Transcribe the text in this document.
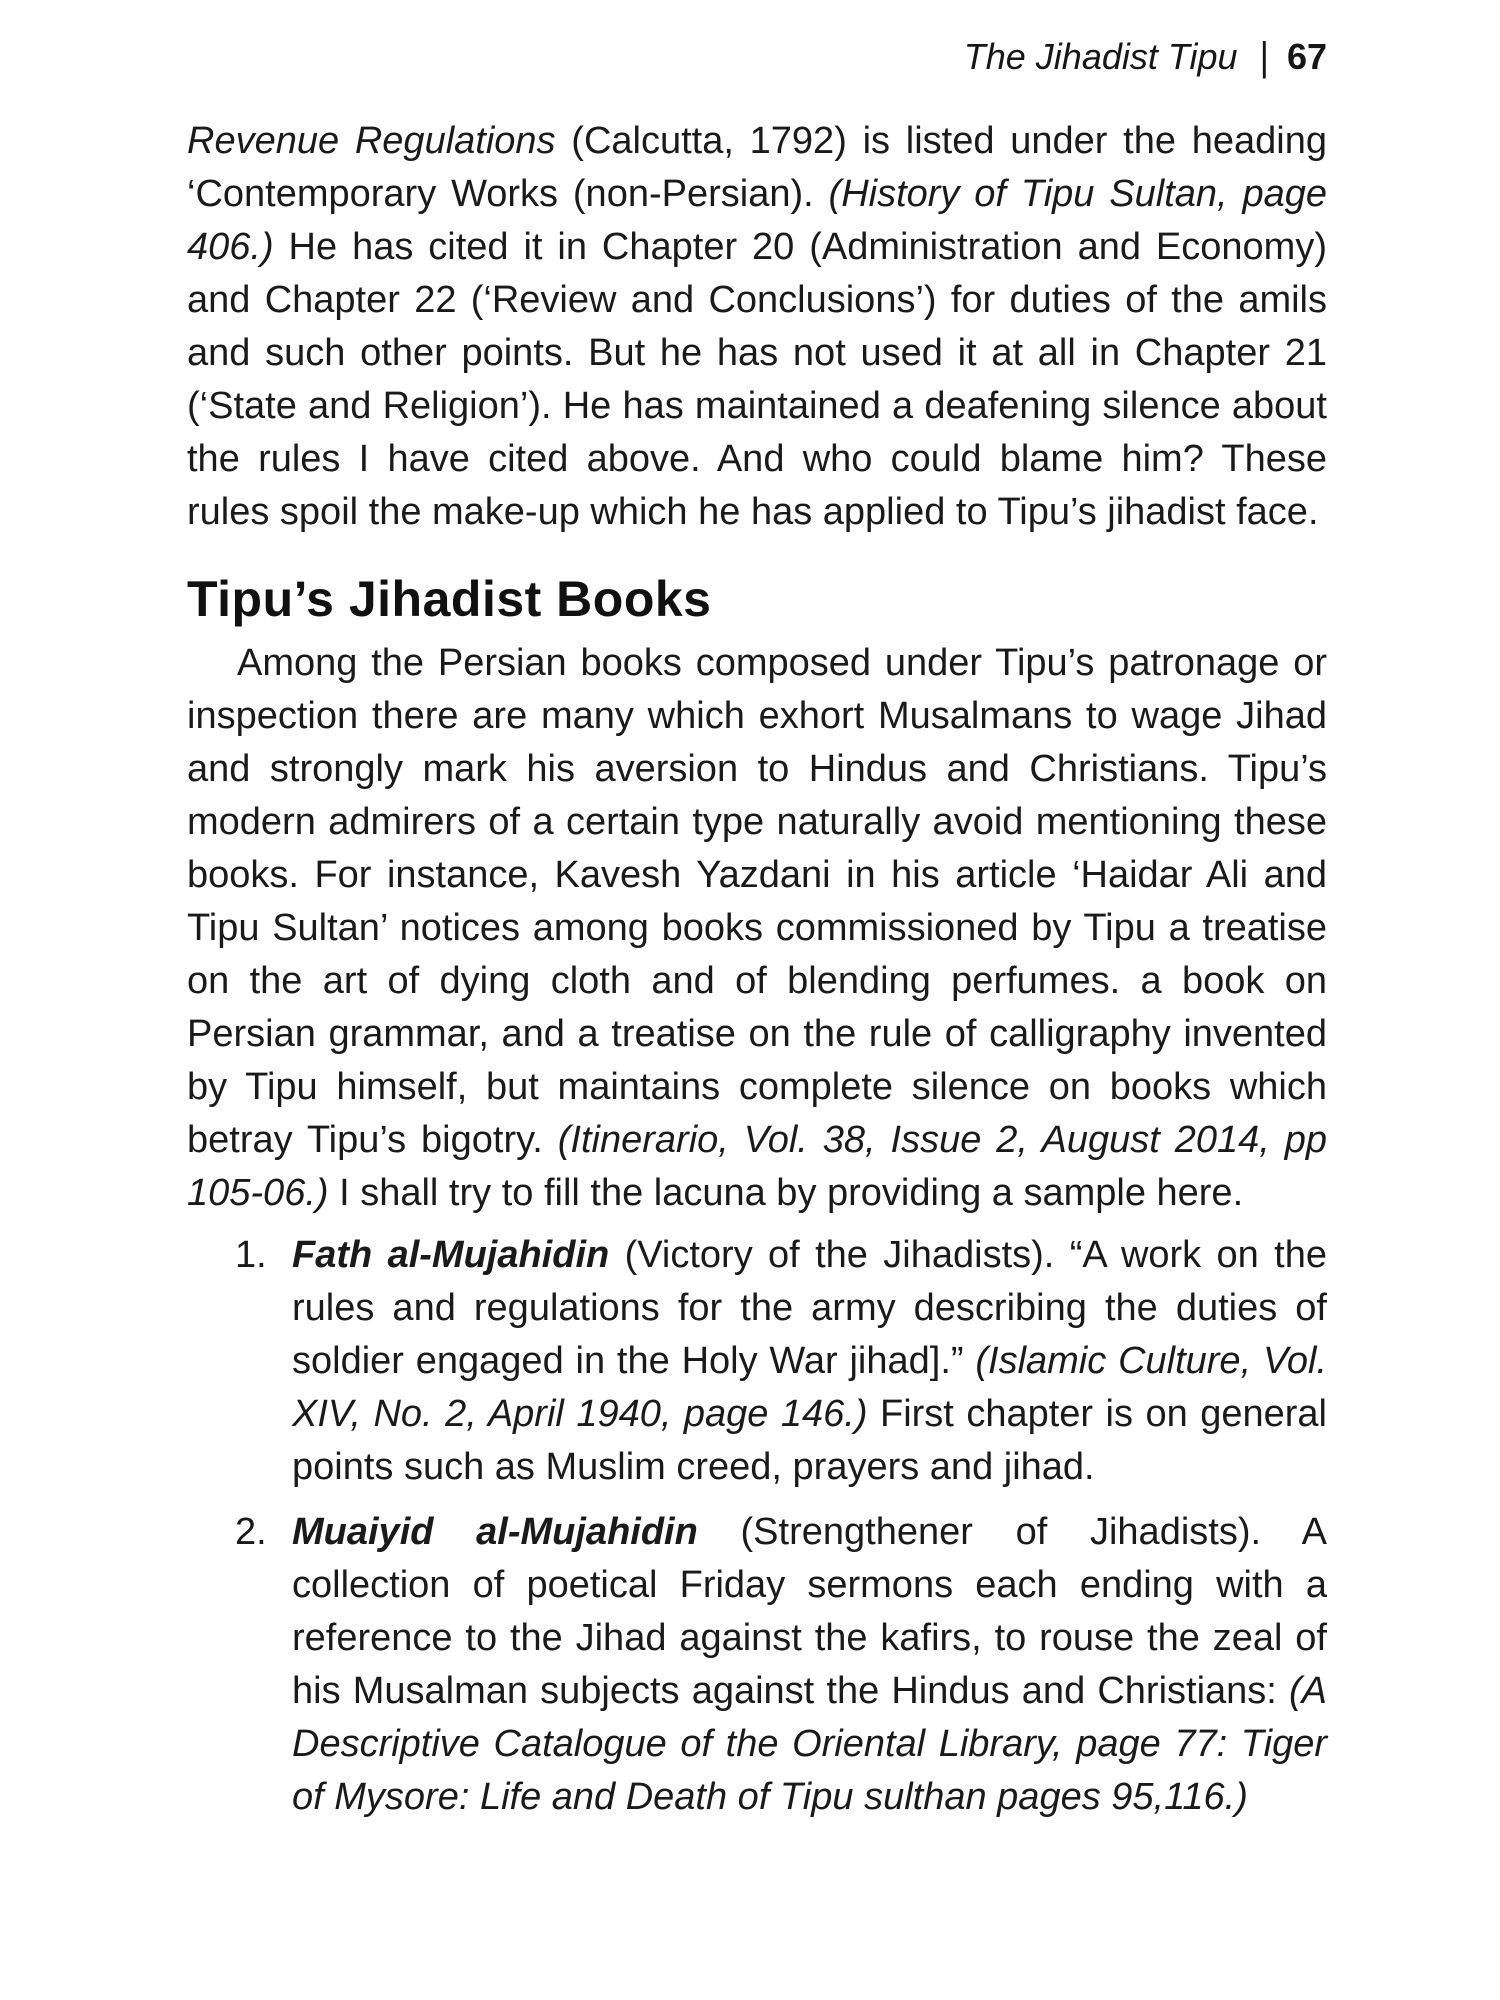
The Jihadist Tipu | 67

Revenue Regulations (Calcutta, 1792) is listed under the heading ‘Contemporary Works (non-Persian). (History of Tipu Sultan, page 406.) He has cited it in Chapter 20 (Administration and Economy) and Chapter 22 (‘Review and Conclusions’) for duties of the amils and such other points. But he has not used it at all in Chapter 21 (‘State and Religion’). He has maintained a deafening silence about the rules I have cited above. And who could blame him? These rules spoil the make-up which he has applied to Tipu’s jihadist face.

Tipu’s Jihadist Books

Among the Persian books composed under Tipu’s patronage or inspection there are many which exhort Musalmans to wage Jihad and strongly mark his aversion to Hindus and Christians. Tipu’s modern admirers of a certain type naturally avoid mentioning these books. For instance, Kavesh Yazdani in his article ‘Haidar Ali and Tipu Sultan’ notices among books commissioned by Tipu a treatise on the art of dying cloth and of blending perfumes. a book on Persian grammar, and a treatise on the rule of calligraphy invented by Tipu himself, but maintains complete silence on books which betray Tipu’s bigotry. (Itinerario, Vol. 38, Issue 2, August 2014, pp 105-06.) I shall try to fill the lacuna by providing a sample here.

1. Fath al-Mujahidin (Victory of the Jihadists). “A work on the rules and regulations for the army describing the duties of soldier engaged in the Holy War jihad].” (Islamic Culture, Vol. XIV, No. 2, April 1940, page 146.) First chapter is on general points such as Muslim creed, prayers and jihad.

2. Muaiyid al-Mujahidin (Strengthener of Jihadists). A collection of poetical Friday sermons each ending with a reference to the Jihad against the kafirs, to rouse the zeal of his Musalman subjects against the Hindus and Christians: (A Descriptive Catalogue of the Oriental Library, page 77: Tiger of Mysore: Life and Death of Tipu sulthan pages 95,116.)
